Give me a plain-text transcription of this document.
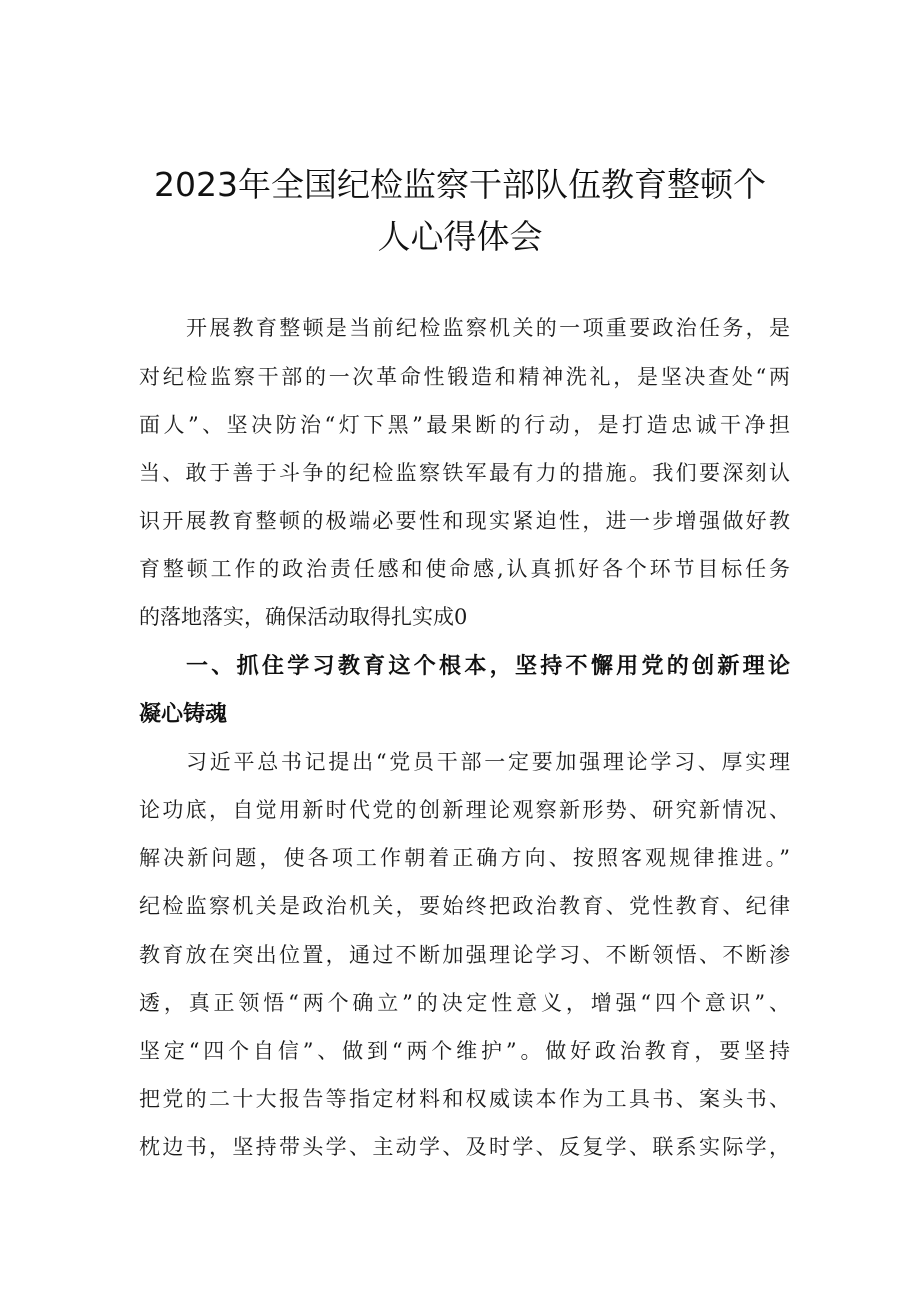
2023年全国纪检监察干部队伍教育整顿个
人心得体会
开展教育整顿是当前纪检监察机关的一项重要政治任务，是
对纪检监察干部的一次革命性锻造和精神洗礼，是坚决查处“两
面人”、坚决防治“灯下黑”最果断的行动，是打造忠诚干净担
当、敢于善于斗争的纪检监察铁军最有力的措施。我们要深刻认
识开展教育整顿的极端必要性和现实紧迫性，进一步增强做好教
育整顿工作的政治责任感和使命感,认真抓好各个环节目标任务
的落地落实，确保活动取得扎实成0
一、抓住学习教育这个根本，坚持不懈用党的创新理论
凝心铸魂
习近平总书记提出“党员干部一定要加强理论学习、厚实理
论功底，自觉用新时代党的创新理论观察新形势、研究新情况、
解决新问题，使各项工作朝着正确方向、按照客观规律推进。”
纪检监察机关是政治机关，要始终把政治教育、党性教育、纪律
教育放在突出位置，通过不断加强理论学习、不断领悟、不断渗
透，真正领悟“两个确立”的决定性意义，增强“四个意识”、
坚定“四个自信”、做到“两个维护”。做好政治教育，要坚持
把党的二十大报告等指定材料和权威读本作为工具书、案头书、
枕边书，坚持带头学、主动学、及时学、反复学、联系实际学，
